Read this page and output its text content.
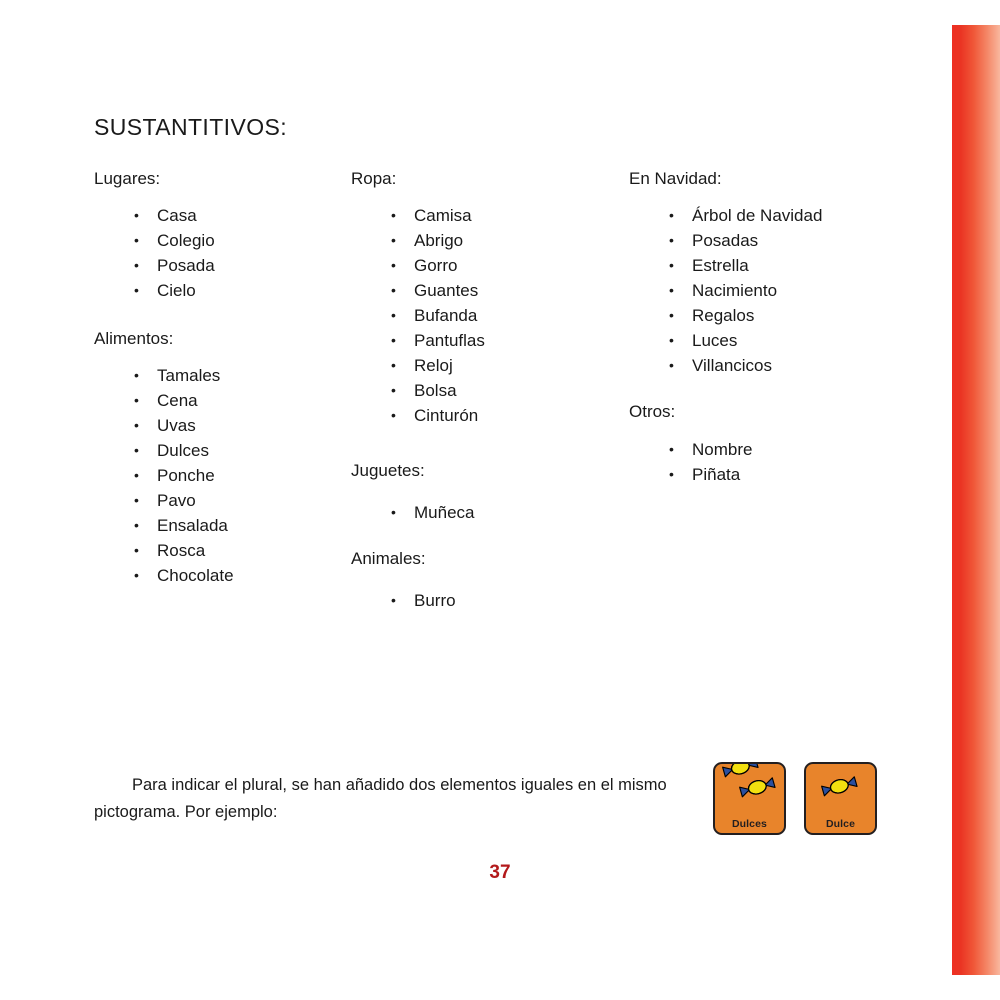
SUSTANTITIVOS:
Lugares:
• Casa
• Colegio
• Posada
• Cielo
Alimentos:
• Tamales
• Cena
• Uvas
• Dulces
• Ponche
• Pavo
• Ensalada
• Rosca
• Chocolate
Ropa:
• Camisa
• Abrigo
• Gorro
• Guantes
• Bufanda
• Pantuflas
• Reloj
• Bolsa
• Cinturón
Juguetes:
• Muñeca
Animales:
• Burro
En Navidad:
• Árbol de Navidad
• Posadas
• Estrella
• Nacimiento
• Regalos
• Luces
• Villancicos
Otros:
• Nombre
• Piñata
Para indicar el plural, se han añadido dos elementos iguales en el mismo pictograma. Por ejemplo:
Dulces	Dulce
37
